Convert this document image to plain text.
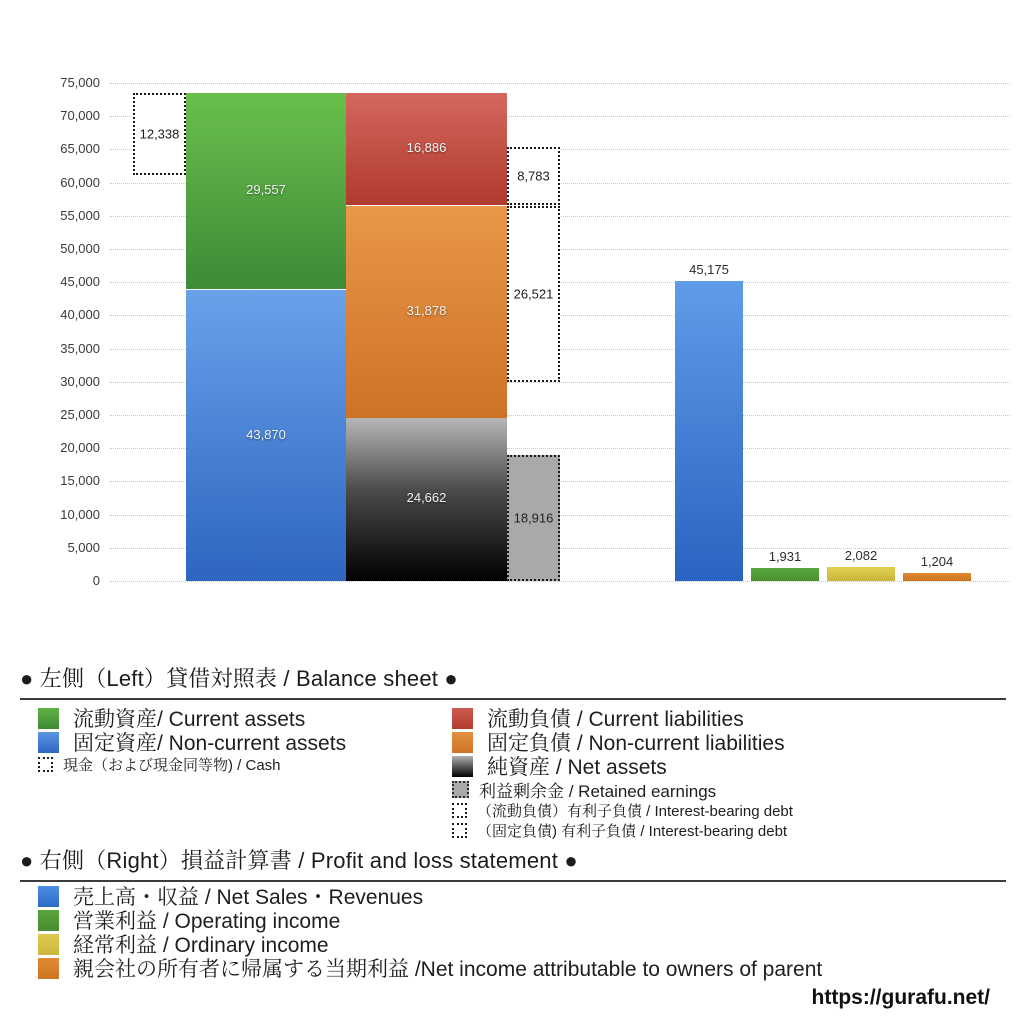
0
5,000
10,000
15,000
20,000
25,000
30,000
35,000
40,000
45,000
50,000
55,000
60,000
65,000
70,000
75,000
12,338
8,783
26,521
18,916
43,870
29,557
24,662
31,878
16,886
45,175
1,931	2,082	1,204
● 左側（Left）貸借対照表 / Balance sheet ●
流動資産/ Current assets
固定資産/ Non-current assets
現金（および現金同等物) / Cash
流動負債 / Current liabilities
固定負債 / Non-current liabilities
純資産 / Net assets
利益剰余金 / Retained earnings
（流動負債）有利子負債 / Interest-bearing debt
（固定負債) 有利子負債 / Interest-bearing debt
● 右側（Right）損益計算書 / Profit and loss statement ●
売上高・収益 / Net Sales・Revenues
営業利益 / Operating income
経常利益 / Ordinary income
親会社の所有者に帰属する当期利益 /Net income attributable to owners of parent
https://gurafu.net/
